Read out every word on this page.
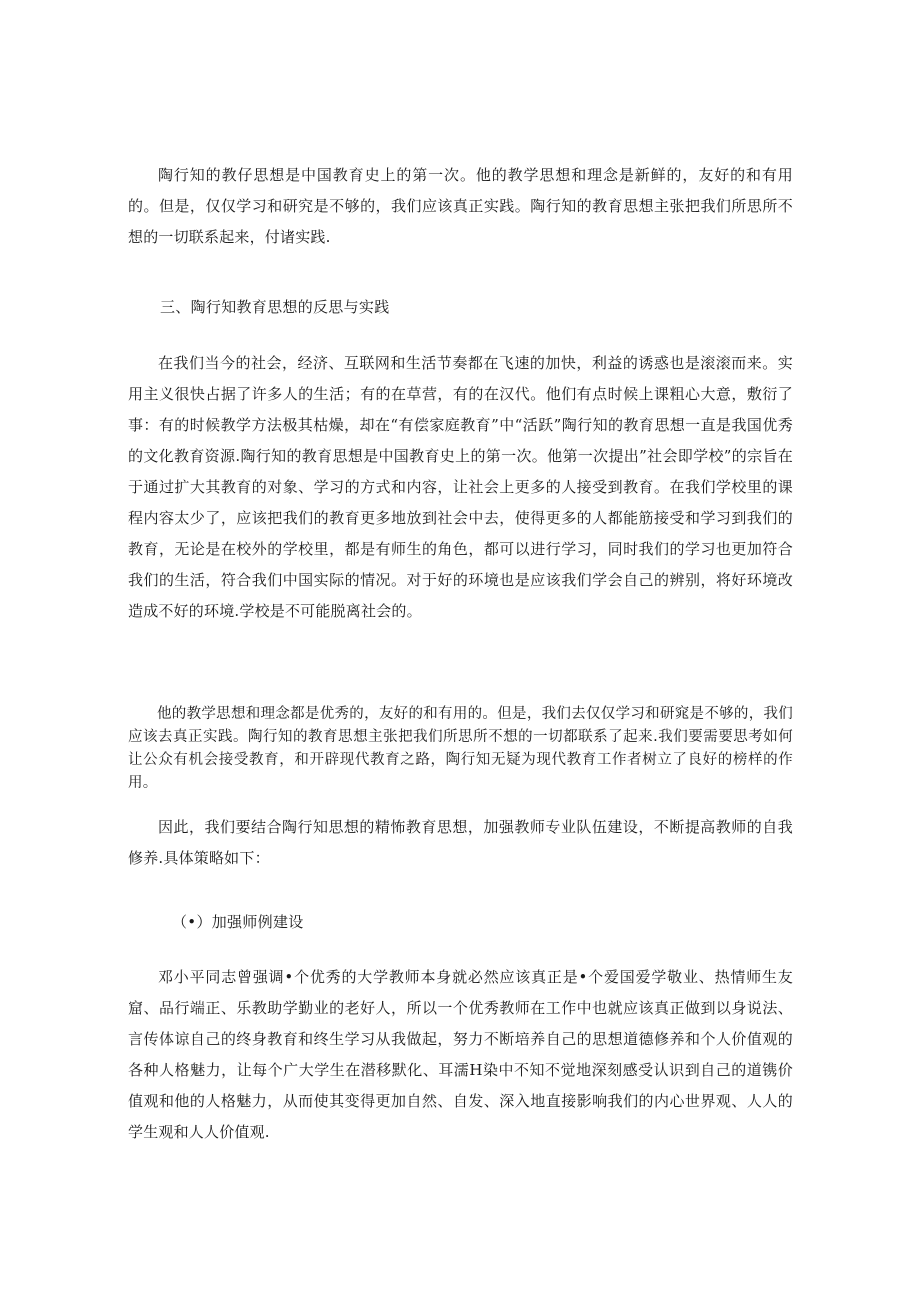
陶行知的教仔思想是中国教育史上的第一次。他的教学思想和理念是新鲜的，友好的和有用的。但是，仅仅学习和研究是不够的，我们应该真正实践。陶行知的教育思想主张把我们所思所不想的一切联系起来，付诸实践.
三、陶行知教育思想的反思与实践
在我们当今的社会，经济、互联网和生活节奏都在飞速的加快，利益的诱惑也是滚滚而来。实用主义很快占据了许多人的生活；有的在草营，有的在汉代。他们有点时候上课粗心大意，敷衍了事：有的时候教学方法极其枯燥，却在“有偿家庭教育”中“活跃”陶行知的教育思想一直是我国优秀的文化教育资源.陶行知的教育思想是中国教育史上的第一次。他第一次提出”社会即学校”的宗旨在于通过扩大其教育的对象、学习的方式和内容，让社会上更多的人接受到教育。在我们学校里的课程内容太少了，应该把我们的教育更多地放到社会中去，使得更多的人都能筋接受和学习到我们的教育，无论是在校外的学校里，都是有师生的角色，都可以进行学习，同时我们的学习也更加符合我们的生活，符合我们中国实际的情况。对于好的环境也是应该我们学会自己的辨别，将好环境改造成不好的环境.学校是不可能脱离社会的。
他的教学思想和理念都是优秀的，友好的和有用的。但是，我们去仅仅学习和研窕是不够的，我们应该去真正实践。陶行知的教育思想主张把我们所思所不想的一切都联系了起来.我们要需要思考如何让公众有机会接受教育，和开辟现代教育之路，陶行知无疑为现代教育工作者树立了良好的榜样的作用。
因此，我们要结合陶行知思想的精怖教育思想，加强教师专业队伍建设，不断提高教师的自我修养.具体策略如下：
（•）加强师例建设
邓小平同志曾强调•个优秀的大学教师本身就必然应该真正是•个爱国爱学敬业、热情师生友窟、品行端正、乐教助学勤业的老好人，所以一个优秀教师在工作中也就应该真正做到以身说法、言传体谅自己的终身教育和终生学习从我做起，努力不断培养自己的思想道德修养和个人价值观的各种人格魅力，让每个广大学生在潜移默化、耳濡H染中不知不觉地深刻感受认识到自己的道镌价值观和他的人格魅力，从而使其变得更加自然、自发、深入地直接影响我们的内心世界观、人人的学生观和人人价值观.
